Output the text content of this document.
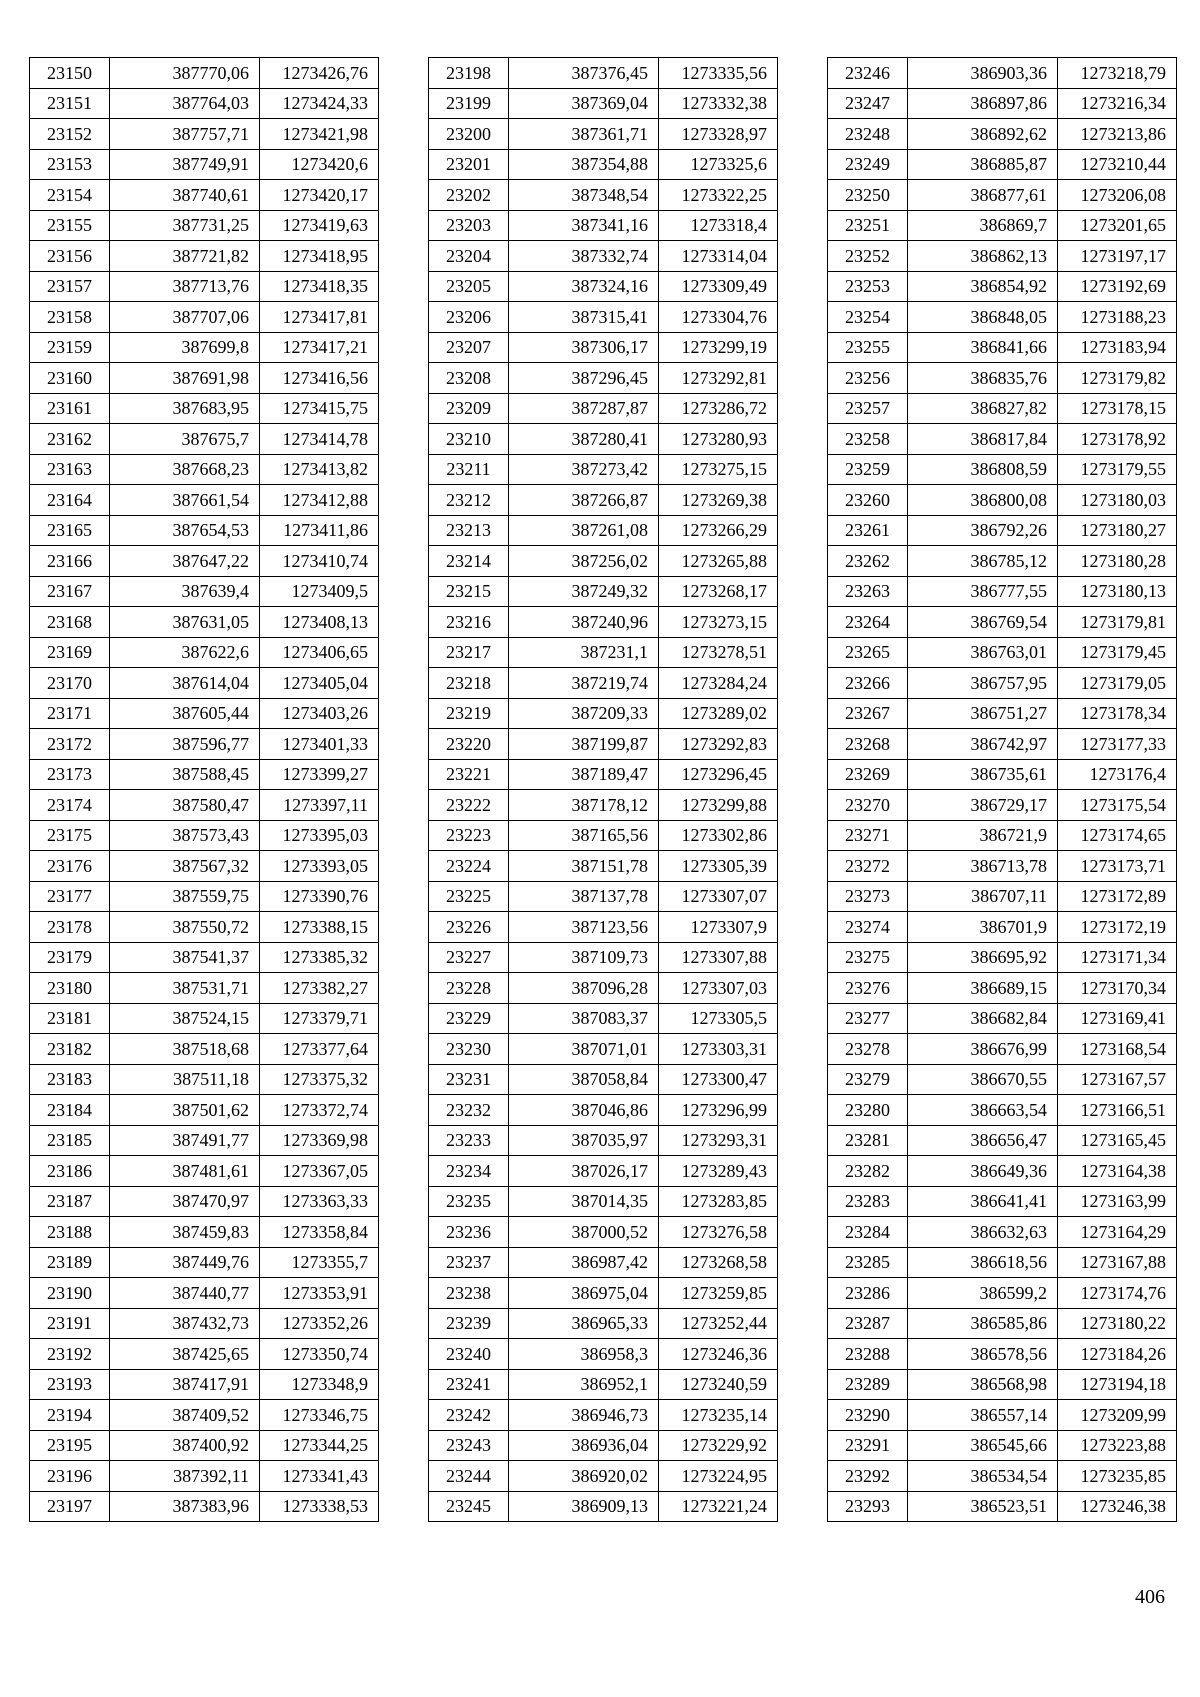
23150	387770,06	1273426,76
23151	387764,03	1273424,33
23152	387757,71	1273421,98
23153	387749,91	1273420,6
23154	387740,61	1273420,17
23155	387731,25	1273419,63
23156	387721,82	1273418,95
23157	387713,76	1273418,35
23158	387707,06	1273417,81
23159	387699,8	1273417,21
23160	387691,98	1273416,56
23161	387683,95	1273415,75
23162	387675,7	1273414,78
23163	387668,23	1273413,82
23164	387661,54	1273412,88
23165	387654,53	1273411,86
23166	387647,22	1273410,74
23167	387639,4	1273409,5
23168	387631,05	1273408,13
23169	387622,6	1273406,65
23170	387614,04	1273405,04
23171	387605,44	1273403,26
23172	387596,77	1273401,33
23173	387588,45	1273399,27
23174	387580,47	1273397,11
23175	387573,43	1273395,03
23176	387567,32	1273393,05
23177	387559,75	1273390,76
23178	387550,72	1273388,15
23179	387541,37	1273385,32
23180	387531,71	1273382,27
23181	387524,15	1273379,71
23182	387518,68	1273377,64
23183	387511,18	1273375,32
23184	387501,62	1273372,74
23185	387491,77	1273369,98
23186	387481,61	1273367,05
23187	387470,97	1273363,33
23188	387459,83	1273358,84
23189	387449,76	1273355,7
23190	387440,77	1273353,91
23191	387432,73	1273352,26
23192	387425,65	1273350,74
23193	387417,91	1273348,9
23194	387409,52	1273346,75
23195	387400,92	1273344,25
23196	387392,11	1273341,43
23197	387383,96	1273338,53
23198	387376,45	1273335,56
23199	387369,04	1273332,38
23200	387361,71	1273328,97
23201	387354,88	1273325,6
23202	387348,54	1273322,25
23203	387341,16	1273318,4
23204	387332,74	1273314,04
23205	387324,16	1273309,49
23206	387315,41	1273304,76
23207	387306,17	1273299,19
23208	387296,45	1273292,81
23209	387287,87	1273286,72
23210	387280,41	1273280,93
23211	387273,42	1273275,15
23212	387266,87	1273269,38
23213	387261,08	1273266,29
23214	387256,02	1273265,88
23215	387249,32	1273268,17
23216	387240,96	1273273,15
23217	387231,1	1273278,51
23218	387219,74	1273284,24
23219	387209,33	1273289,02
23220	387199,87	1273292,83
23221	387189,47	1273296,45
23222	387178,12	1273299,88
23223	387165,56	1273302,86
23224	387151,78	1273305,39
23225	387137,78	1273307,07
23226	387123,56	1273307,9
23227	387109,73	1273307,88
23228	387096,28	1273307,03
23229	387083,37	1273305,5
23230	387071,01	1273303,31
23231	387058,84	1273300,47
23232	387046,86	1273296,99
23233	387035,97	1273293,31
23234	387026,17	1273289,43
23235	387014,35	1273283,85
23236	387000,52	1273276,58
23237	386987,42	1273268,58
23238	386975,04	1273259,85
23239	386965,33	1273252,44
23240	386958,3	1273246,36
23241	386952,1	1273240,59
23242	386946,73	1273235,14
23243	386936,04	1273229,92
23244	386920,02	1273224,95
23245	386909,13	1273221,24
23246	386903,36	1273218,79
23247	386897,86	1273216,34
23248	386892,62	1273213,86
23249	386885,87	1273210,44
23250	386877,61	1273206,08
23251	386869,7	1273201,65
23252	386862,13	1273197,17
23253	386854,92	1273192,69
23254	386848,05	1273188,23
23255	386841,66	1273183,94
23256	386835,76	1273179,82
23257	386827,82	1273178,15
23258	386817,84	1273178,92
23259	386808,59	1273179,55
23260	386800,08	1273180,03
23261	386792,26	1273180,27
23262	386785,12	1273180,28
23263	386777,55	1273180,13
23264	386769,54	1273179,81
23265	386763,01	1273179,45
23266	386757,95	1273179,05
23267	386751,27	1273178,34
23268	386742,97	1273177,33
23269	386735,61	1273176,4
23270	386729,17	1273175,54
23271	386721,9	1273174,65
23272	386713,78	1273173,71
23273	386707,11	1273172,89
23274	386701,9	1273172,19
23275	386695,92	1273171,34
23276	386689,15	1273170,34
23277	386682,84	1273169,41
23278	386676,99	1273168,54
23279	386670,55	1273167,57
23280	386663,54	1273166,51
23281	386656,47	1273165,45
23282	386649,36	1273164,38
23283	386641,41	1273163,99
23284	386632,63	1273164,29
23285	386618,56	1273167,88
23286	386599,2	1273174,76
23287	386585,86	1273180,22
23288	386578,56	1273184,26
23289	386568,98	1273194,18
23290	386557,14	1273209,99
23291	386545,66	1273223,88
23292	386534,54	1273235,85
23293	386523,51	1273246,38
406
